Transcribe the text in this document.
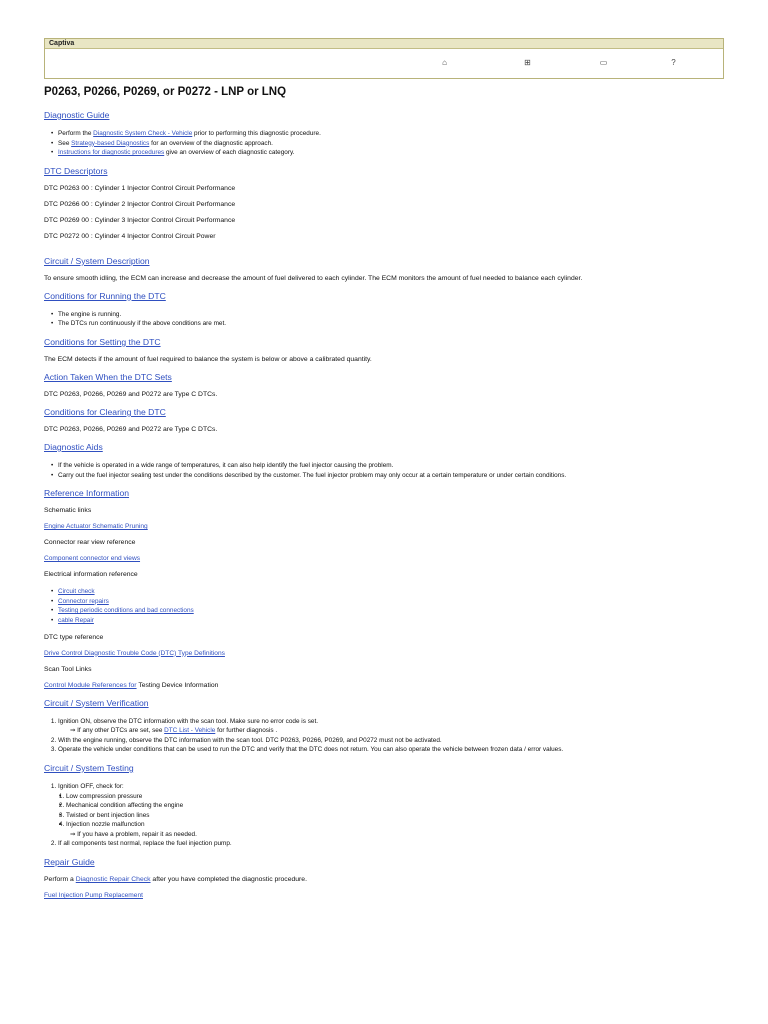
Captiva
⌂	⊞	▭	?
P0263, P0266, P0269, or P0272 - LNP or LNQ
Diagnostic Guide
• Perform the Diagnostic System Check - Vehicle prior to performing this diagnostic procedure.
• See Strategy-based Diagnostics for an overview of the diagnostic approach.
• Instructions for diagnostic procedures give an overview of each diagnostic category.
DTC Descriptors
DTC P0263 00 : Cylinder 1 Injector Control Circuit Performance
DTC P0266 00 : Cylinder 2 Injector Control Circuit Performance
DTC P0269 00 : Cylinder 3 Injector Control Circuit Performance
DTC P0272 00 : Cylinder 4 Injector Control Circuit Power
Circuit / System Description

To ensure smooth idling, the ECM can increase and decrease the amount of fuel delivered to each cylinder. The ECM monitors the amount of fuel needed to balance each cylinder.

Conditions for Running the DTC
• The engine is running.
• The DTCs run continuously if the above conditions are met.
Conditions for Setting the DTC

The ECM detects if the amount of fuel required to balance the system is below or above a calibrated quantity.

Action Taken When the DTC Sets

DTC P0263, P0266, P0269 and P0272 are Type C DTCs.

Conditions for Clearing the DTC

DTC P0263, P0266, P0269 and P0272 are Type C DTCs.

Diagnostic Aids
• If the vehicle is operated in a wide range of temperatures, it can also help identify the fuel injector causing the problem.
• Carry out the fuel injector sealing test under the conditions described by the customer. The fuel injector problem may only occur at a certain temperature or under certain conditions.
Reference Information

Schematic links

Engine Actuator Schematic Pruning

Connector rear view reference

Component connector end views

Electrical information reference

• Circuit check
• Connector repairs
• Testing periodic conditions and bad connections
• cable Repair

DTC type reference

Drive Control Diagnostic Trouble Code (DTC) Type Definitions

Scan Tool Links

Control Module References for Testing Device Information

Circuit / System Verification
1. Ignition ON, observe the DTC information with the scan tool. Make sure no error code is set.
⇒ If any other DTCs are set, see DTC List - Vehicle for further diagnosis .
2. With the engine running, observe the DTC information with the scan tool. DTC P0263, P0266, P0269, and P0272 must not be activated.
3. Operate the vehicle under conditions that can be used to run the DTC and verify that the DTC does not return. You can also operate the vehicle between frozen data / error values.
Circuit / System Testing
1. Ignition OFF, check for:
• 1. Low compression pressure
• 2. Mechanical condition affecting the engine
• 3. Twisted or bent injection lines
• 4. Injection nozzle malfunction
⇒ If you have a problem, repair it as needed.
2. If all components test normal, replace the fuel injection pump.
Repair Guide

Perform a Diagnostic Repair Check after you have completed the diagnostic procedure.

Fuel Injection Pump Replacement
